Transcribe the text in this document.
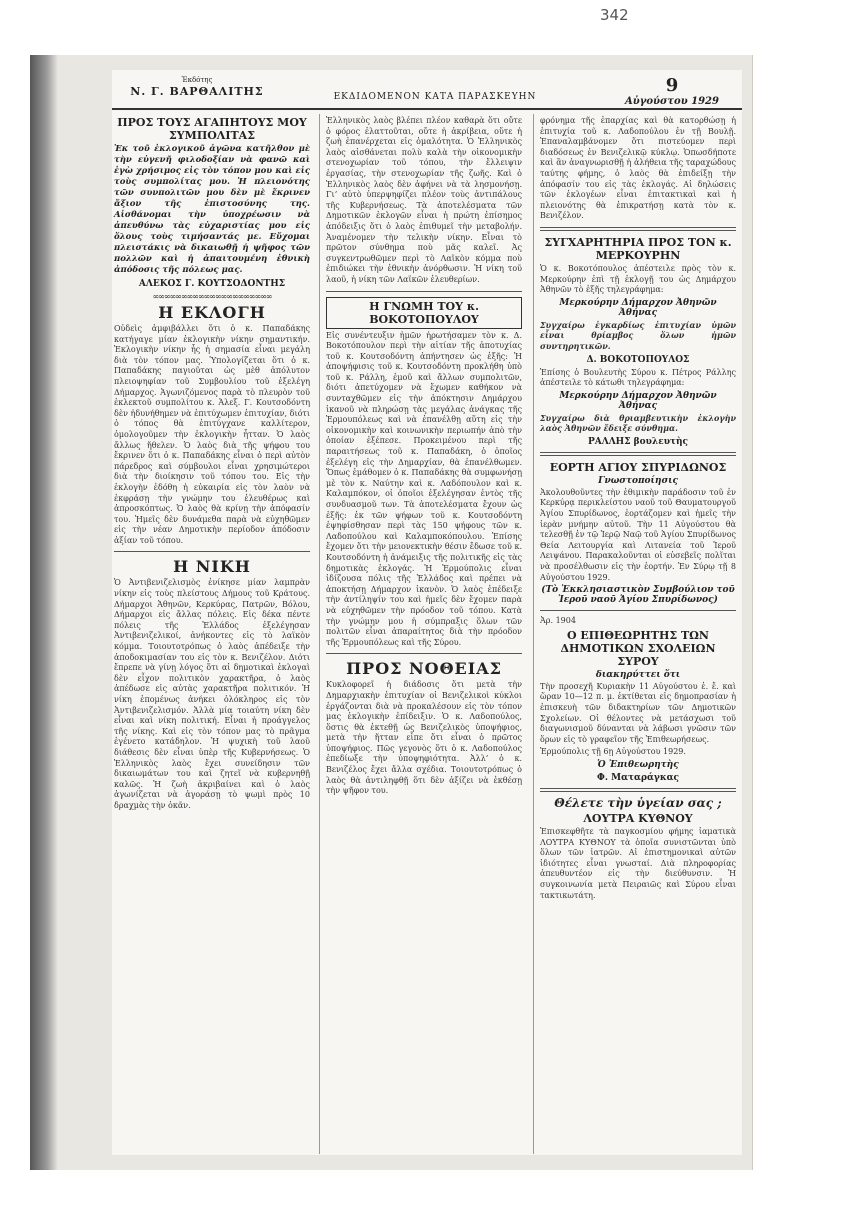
342
Ἐκδότης
Ν. Γ. ΒΑΡΘΑΛΙΤΗΣ	ΕΚΔΙΔΟΜΕΝΟΝ ΚΑΤΑ ΠΑΡΑΣΚΕΥΗΝ
9
Αὐγούστου 1929
ΠΡΟΣ ΤΟΥΣ ΑΓΑΠΗΤΟΥΣ ΜΟΥ ΣΥΜΠΟΛΙΤΑΣ
Ἐκ τοῦ ἐκλογικοῦ ἀγῶνα κατῆλθον μὲ τὴν εὐγενῆ φιλοδοξίαν νὰ φανῶ καὶ ἐγὼ χρήσιμος εἰς τὸν τόπον μου καὶ εἰς τοὺς συμπολίτας μου. Ἡ πλειονότης τῶν συνπολιτῶν μου δὲν μὲ ἔκρινεν ἄξιον τῆς ἐπιστοσύνης της. Αἰσθάνομαι τὴν ὑποχρέωσιν νὰ ἀπευθύνω τὰς εὐχαριστίας μου εἰς ὅλους τοὺς τιμήσαντάς με. Εὔχομαι πλειστάκις νὰ δικαιωθῇ ἡ ψῆφος τῶν πολλῶν καὶ ἡ ἀπαιτουμένη ἐθνικὴ ἀπόδοσις τῆς πόλεως μας.
ΑΛΕΚΟΣ Γ. ΚΟΥΤΣΟΔΟΝΤΗΣ
∞∞∞∞∞∞∞∞∞∞∞∞∞∞∞∞∞∞∞∞∞
Η ΕΚΛΟΓΗ
Οὐδεὶς ἀμφιβάλλει ὅτι ὁ κ. Παπαδάκης κατήγαγε μίαν ἐκλογικὴν νίκην σημαντικήν. Ἐκλογικὴν νίκην ἧς ἡ σημασία εἶναι μεγάλη διὰ τὸν τόπον μας. Ὑπολογίζεται ὅτι ὁ κ. Παπαδάκης παγιοῦται ὡς μὲθ ἀπόλυτον πλειοψηφίαν τοῦ Συμβουλίου τοῦ ἐξελέγη Δήμαρχος. Ἀγωνιζόμενος παρὰ τὸ πλευρὸν τοῦ ἐκλεκτοῦ συμπολίτου κ. Ἀλεξ. Γ. Κουτσοδόντη δὲν ἠδυνήθημεν νὰ ἐπιτύχωμεν ἐπιτυχίαν, διότι ὁ τόπος θὰ ἐπιτύγχανε καλλίτερον, ὁμολογοῦμεν τὴν ἐκλογικὴν ἧτταν. Ὁ λαὸς ἄλλως ἤθελεν. Ὁ λαὸς διὰ τῆς ψήφου του ἔκρινεν ὅτι ὁ κ. Παπαδάκης εἶναι ὁ περὶ αὐτὸν πάρεδρος καὶ σύμβουλοι εἶναι χρησιμώτεροι διὰ τὴν διοίκησιν τοῦ τόπου του. Εἰς τὴν ἐκλογὴν ἐδόθη ἡ εὐκαιρία εἰς τὸν λαὸν νὰ ἐκφράσῃ τὴν γνώμην του ἐλευθέρως καὶ ἀπροσκόπτως. Ὁ λαὸς θὰ κρίνῃ τὴν ἀπόφασίν του. Ἡμεῖς δὲν δυνάμεθα παρὰ νὰ εὐχηθῶμεν εἰς τὴν νέαν Δημοτικὴν περίοδον ἀπόδοσιν ἀξίαν τοῦ τόπου.
Η ΝΙΚΗ
Ὁ Ἀντιβενιζελισμὸς ἐνίκησε μίαν λαμπρὰν νίκην εἰς τοὺς πλείστους Δήμους τοῦ Κράτους. Δήμαρχοι Ἀθηνῶν, Κερκύρας, Πατρῶν, Βόλου, Δήμαρχοι εἰς ἄλλας πόλεις. Εἰς δέκα πέντε πόλεις τῆς Ἑλλάδος ἐξελέγησαν Ἀντιβενιζελικοί, ἀνήκοντες εἰς τὸ λαϊκὸν κόμμα. Τοιουτοτρόπως ὁ λαὸς ἀπέδειξε τὴν ἀποδοκιμασίαν του εἰς τὸν κ. Βενιζέλον. Διότι ἔπρεπε νὰ γίνῃ λόγος ὅτι αἱ δημοτικαὶ ἐκλογαὶ δὲν εἶχον πολιτικὸν χαρακτῆρα, ὁ λαὸς ἀπέδωσε εἰς αὐτὰς χαρακτῆρα πολιτικόν. Ἡ νίκη ἑπομένως ἀνήκει ὁλόκληρος εἰς τὸν Ἀντιβενιζελισμόν. Ἀλλὰ μία τοιαύτη νίκη δὲν εἶναι καὶ νίκη πολιτική. Εἶναι ἡ προάγγελος τῆς νίκης. Καὶ εἰς τὸν τόπον μας τὸ πρᾶγμα ἐγένετο κατάδηλον. Ἡ ψυχικὴ τοῦ λαοῦ διάθεσις δὲν εἶναι ὑπὲρ τῆς Κυβερνήσεως. Ὁ Ἑλληνικὸς λαὸς ἔχει συνείδησιν τῶν δικαιωμάτων του καὶ ζητεῖ νὰ κυβερνηθῇ καλῶς. Ἡ ζωὴ ἀκριβαίνει καὶ ὁ λαὸς ἀγωνίζεται νὰ ἀγοράσῃ τὸ ψωμὶ πρὸς 10 δραχμὰς τὴν ὀκᾶν.
Ἑλληνικὸς λαὸς βλέπει πλέον καθαρὰ ὅτι οὔτε ὁ φόρος ἐλαττοῦται, οὔτε ἡ ἀκρίβεια, οὔτε ἡ ζωὴ ἐπανέρχεται εἰς ὁμαλότητα. Ὁ Ἑλληνικὸς λαὸς αἰσθάνεται πολὺ καλὰ τὴν οἰκονομικὴν στενοχωρίαν τοῦ τόπου, τὴν ἔλλειψιν ἐργασίας, τὴν στενοχωρίαν τῆς ζωῆς. Καὶ ὁ Ἑλληνικὸς λαὸς δὲν ἀφήνει νὰ τὰ λησμονήσῃ. Γι’ αὐτὸ ὑπερψηφίζει πλέον τοὺς ἀντιπάλους τῆς Κυβερνήσεως. Τὰ ἀποτελέσματα τῶν Δημοτικῶν ἐκλογῶν εἶναι ἡ πρώτη ἐπίσημος ἀπόδειξις ὅτι ὁ λαὸς ἐπιθυμεῖ τὴν μεταβολήν. Ἀναμένομεν τὴν τελικὴν νίκην. Εἶναι τὸ πρῶτον σύνθημα ποὺ μᾶς καλεῖ. Ἀς συγκεντρωθῶμεν περὶ τὸ Λαϊκὸν κόμμα ποὺ ἐπιδιώκει τὴν ἐθνικὴν ἀνόρθωσιν. Ἡ νίκη τοῦ λαοῦ, ἡ νίκη τῶν Λαϊκῶν ἐλευθερίων.
Η ΓΝΩΜΗ ΤΟΥ κ. ΒΟΚΟΤΟΠΟΥΛΟΥ
Εἰς συνέντευξιν ἡμῶν ἠρωτήσαμεν τὸν κ. Δ. Βοκοτόπουλον περὶ τὴν αἰτίαν τῆς ἀποτυχίας τοῦ κ. Κουτσοδόντη ἀπήντησεν ὡς ἑξῆς: Ἡ ἀποψήφισις τοῦ κ. Κουτσοδόντη προκλήθη ὑπὸ τοῦ κ. Ράλλη, ἐμοῦ καὶ ἄλλων συμπολιτῶν, διότι ἀπετύχομεν νὰ ἔχωμεν καθήκον νὰ συνταχθῶμεν εἰς τὴν ἀπόκτησιν Δημάρχου ἱκανοῦ νὰ πληρώσῃ τὰς μεγάλας ἀνάγκας τῆς Ἑρμουπόλεως καὶ νὰ ἐπανέλθῃ αὕτη εἰς τὴν οἰκονομικὴν καὶ κοινωνικὴν περιωπήν ἀπὸ τὴν ὁποίαν ἐξέπεσε. Προκειμένου περὶ τῆς παραιτήσεως τοῦ κ. Παπαδάκη, ὁ ὁποῖος ἐξελέγη εἰς τὴν Δημαρχίαν, θὰ ἐπανέλθωμεν. Ὅπως ἐμάθομεν ὁ κ. Παπαδάκης θὰ συμφωνήσῃ μὲ τὸν κ. Ναύτην καὶ κ. Λαδόπουλον καὶ κ. Καλαμπόκον, οἱ ὁποῖοι ἐξελέγησαν ἐντὸς τῆς συνδυασμοῦ των. Τὰ ἀποτελέσματα ἔχουν ὡς ἑξῆς: ἐκ τῶν ψήφων τοῦ κ. Κουτσοδόντη ἐψηφίσθησαν περὶ τὰς 150 ψήφους τῶν κ. Λαδοπούλου καὶ Καλαμποκόπουλου. Ἐπίσης ἔχομεν ὅτι τὴν μειονεκτικὴν θέσιν ἔδωσε τοῦ κ. Κουτσοδόντη ἡ ἀνάμειξις τῆς πολιτικῆς εἰς τὰς δημοτικὰς ἐκλογάς. Ἡ Ἑρμούπολις εἶναι ἰδίζουσα πόλις τῆς Ἑλλάδος καὶ πρέπει νὰ ἀποκτήσῃ Δήμαρχον ἱκανὸν. Ὁ λαὸς ἐπέδειξε τὴν ἀντίληψίν του καὶ ἡμεῖς δὲν ἔχομεν παρὰ νὰ εὐχηθῶμεν τὴν πρόοδον τοῦ τόπου. Κατὰ τὴν γνώμην μου ἡ σύμπραξις ὅλων τῶν πολιτῶν εἶναι ἀπαραίτητος διὰ τὴν πρόοδον τῆς Ἑρμουπόλεως καὶ τῆς Σύρου.
ΠΡΟΣ ΝΟΘΕΙΑΣ
Κυκλοφορεῖ ἡ διάδοσις ὅτι μετὰ τὴν Δημαρχιακὴν ἐπιτυχίαν οἱ Βενιζελικοὶ κύκλοι ἐργάζονται διὰ νὰ προκαλέσουν εἰς τὸν τόπον μας ἐκλογικὴν ἐπίδειξιν. Ὁ κ. Λαδοπούλος, ὅστις θὰ ἐκτεθῇ ὡς Βενιζελικὸς ὑποψήφιος, μετὰ τὴν ἥτταν εἶπε ὅτι εἶναι ὁ πρῶτος ὑποψήφιος. Πῶς γεγονὸς ὅτι ὁ κ. Λαδοπούλος ἐπεδίωξε τὴν ὑποψηφιότητα. Ἀλλ’ ὁ κ. Βενιζέλος ἔχει ἄλλα σχέδια. Τοιουτοτρόπως ὁ λαὸς θὰ ἀντιληφθῇ ὅτι δὲν ἀξίζει νὰ ἐκθέσῃ τὴν ψῆφον του.
φρόνημα τῆς ἐπαρχίας καὶ θὰ κατορθώσῃ ἡ ἐπιτυχία τοῦ κ. Λαδοπούλου ἐν τῇ Βουλῇ. Ἐπαναλαμβάνομεν ὅτι πιστεύομεν περὶ διαδόσεως ἐν Βενιζελικῷ κύκλῳ. Ὁπωσδήποτε καὶ ἂν ἀναγνωρισθῇ ἡ ἀλήθεια τῆς ταραχώδους ταύτης φήμης, ὁ λαὸς θὰ ἐπιδείξῃ τὴν ἀπόφασίν του εἰς τὰς ἐκλογάς. Αἱ δηλώσεις τῶν ἐκλογέων εἶναι ἐπιτακτικαὶ καὶ ἡ πλειονότης θὰ ἐπικρατήσῃ κατὰ τὸν κ. Βενιζέλον.
ΣΥΓΧΑΡΗΤΗΡΙΑ ΠΡΟΣ ΤΟΝ κ. ΜΕΡΚΟΥΡΗΝ
Ὁ κ. Βοκοτόπουλος ἀπέστειλε πρὸς τὸν κ. Μερκούρην ἐπὶ τῇ ἐκλογῇ του ὡς Δημάρχου Ἀθηνῶν τὸ ἑξῆς τηλεγράφημα:
Μερκούρην Δήμαρχον Ἀθηνῶν Ἀθήνας
Συγχαίρω ἐγκαρδίως ἐπιτυχίαν ὑμῶν εἶναι θρίαμβος ὅλων ἡμῶν συντηρητικῶν.
Δ. ΒΟΚΟΤΟΠΟΥΛΟΣ
Ἐπίσης ὁ Βουλευτὴς Σύρου κ. Πέτρος Ράλλης ἀπέστειλε τὸ κάτωθι τηλεγράφημα:
Μερκούρην Δήμαρχον Ἀθηνῶν Ἀθήνας
Συγχαίρω διὰ θριαμβευτικὴν ἐκλογὴν λαὸς Ἀθηνῶν ἔδειξε σύνθημα.
ΡΑΛΛΗΣ βουλευτὴς
ΕΟΡΤΗ ΑΓΙΟΥ ΣΠΥΡΙΔΩΝΟΣ
Γνωστοποίησις
Ἀκολουθοῦντες τὴν ἐθιμικὴν παράδοσιν τοῦ ἐν Κερκύρᾳ περικλείστου ναοῦ τοῦ Θαυματουργοῦ Ἁγίου Σπυρίδωνος, ἑορτάζομεν καὶ ἡμεῖς τὴν ἱερὰν μνήμην αὐτοῦ. Τὴν 11 Αὐγούστου θὰ τελεσθῇ ἐν τῷ Ἱερῷ Ναῷ τοῦ Ἁγίου Σπυρίδωνος Θεία Λειτουργία καὶ Λιτανεία τοῦ Ἱεροῦ Λειψάνου. Παρακαλοῦνται οἱ εὐσεβεῖς πολῖται νὰ προσέλθωσιν εἰς τὴν ἑορτήν. Ἐν Σύρῳ τῇ 8 Αὐγούστου 1929.
(Τὸ Ἐκκλησιαστικὸν Συμβούλιον τοῦ Ἱεροῦ ναοῦ Ἁγίου Σπυρίδωνος)
Ἀρ. 1904
Ο ΕΠΙΘΕΩΡΗΤΗΣ ΤΩΝ ΔΗΜΟΤΙΚΩΝ ΣΧΟΛΕΙΩΝ ΣΥΡΟΥ
διακηρύττει ὅτι
Τὴν προσεχῆ Κυριακὴν 11 Αὐγούστου ἐ. ἔ. καὶ ὥραν 10—12 π. μ. ἐκτίθεται εἰς δημοπρασίαν ἡ ἐπισκευὴ τῶν διδακτηρίων τῶν Δημοτικῶν Σχολείων. Οἱ θέλοντες νὰ μετάσχωσι τοῦ διαγωνισμοῦ δύνανται νὰ λάβωσι γνῶσιν τῶν ὅρων εἰς τὸ γραφεῖον τῆς Ἐπιθεωρήσεως.
Ἑρμούπολις τῇ 6ῃ Αὐγούστου 1929.
Ὁ Ἐπιθεωρητὴς
Φ. Ματαράγκας
Θέλετε τὴν ὑγείαν σας ;
ΛΟΥΤΡΑ ΚΥΘΝΟΥ
Ἐπισκεφθῆτε τὰ παγκοσμίου φήμης ἰαματικὰ ΛΟΥΤΡΑ ΚΥΘΝΟΥ τὰ ὁποῖα συνιστῶνται ὑπὸ ὅλων τῶν ἰατρῶν. Αἱ ἐπιστημονικαὶ αὐτῶν ἰδιότητες εἶναι γνωσταί. Διὰ πληροφορίας ἀπευθυντέον εἰς τὴν διεύθυνσιν. Ἡ συγκοινωνία μετὰ Πειραιῶς καὶ Σύρου εἶναι τακτικωτάτη.
